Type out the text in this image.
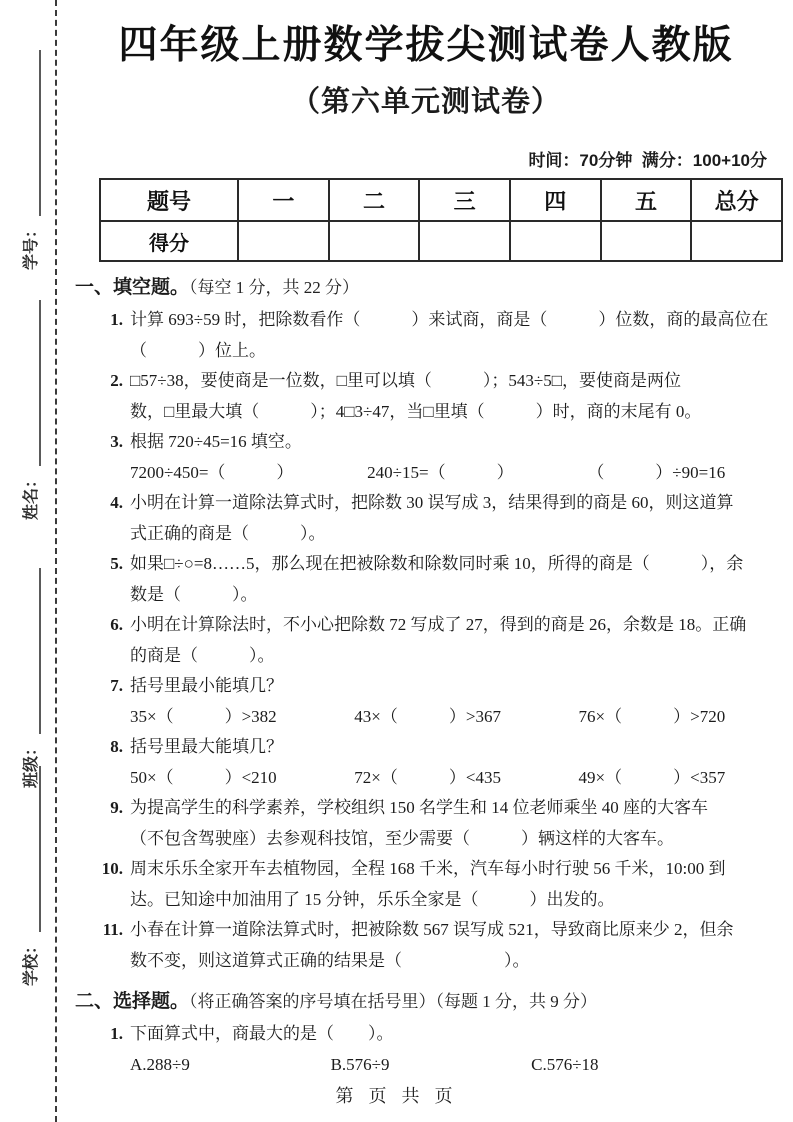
学号：
姓名：
班级：
学校：
四年级上册数学拔尖测试卷人教版
（第六单元测试卷）
时间：70分钟  满分：100+10分
题号	一	二	三	四	五	总分
得分						
一、填空题。（每空 1 分，共 22 分）
1. 计算 693÷59 时，把除数看作（　　　）来试商，商是（　　　）位数，商的最高位在
（　　　）位上。
2. □57÷38，要使商是一位数，□里可以填（　　　）；543÷5□，要使商是两位
数，□里最大填（　　　）；4□3÷47，当□里填（　　　）时，商的末尾有 0。
3. 根据 720÷45=16 填空。
7200÷450=（　　　）	240÷15=（　　　）	（　　　）÷90=16
4. 小明在计算一道除法算式时，把除数 30 误写成 3，结果得到的商是 60，则这道算
式正确的商是（　　　）。
5. 如果□÷○=8……5，那么现在把被除数和除数同时乘 10，所得的商是（　　　），余
数是（　　　）。
6. 小明在计算除法时，不小心把除数 72 写成了 27，得到的商是 26，余数是 18。正确
的商是（　　　）。
7. 括号里最小能填几？
35×（　　　）>382	43×（　　　）>367	76×（　　　）>720
8. 括号里最大能填几？
50×（　　　）<210	72×（　　　）<435	49×（　　　）<357
9. 为提高学生的科学素养，学校组织 150 名学生和 14 位老师乘坐 40 座的大客车
（不包含驾驶座）去参观科技馆，至少需要（　　　）辆这样的大客车。
10. 周末乐乐全家开车去植物园，全程 168 千米，汽车每小时行驶 56 千米，10:00 到
达。已知途中加油用了 15 分钟，乐乐全家是（　　　）出发的。
11. 小春在计算一道除法算式时，把被除数 567 误写成 521，导致商比原来少 2，但余
数不变，则这道算式正确的结果是（　　　　　　）。
二、选择题。（将正确答案的序号填在括号里）（每题 1 分，共 9 分）
1. 下面算式中，商最大的是（　　）。
A.288÷9	B.576÷9	C.576÷18
第 页 共 页
